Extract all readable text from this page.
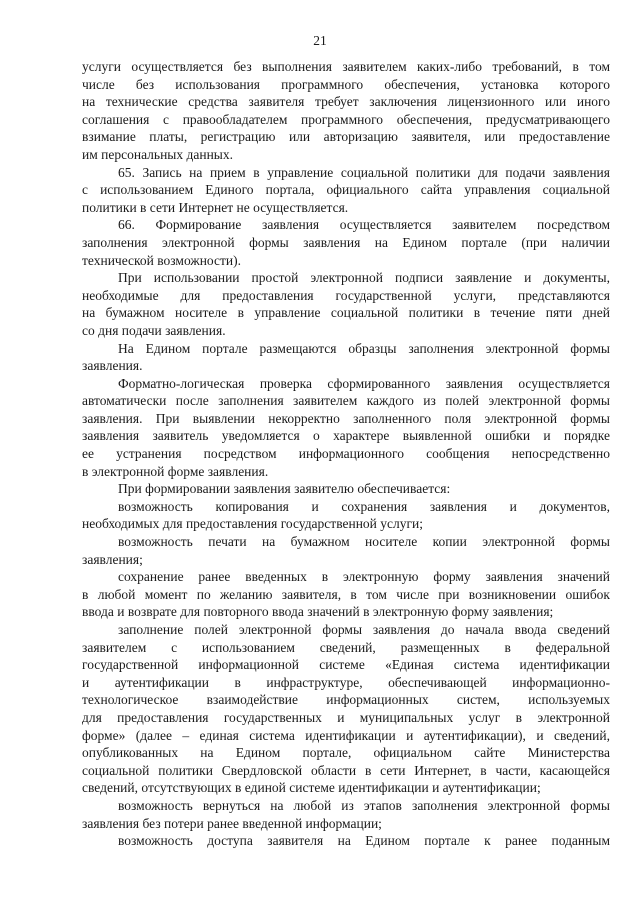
21
услуги осуществляется без выполнения заявителем каких-либо требований, в том
числе без использования программного обеспечения, установка которого
на технические средства заявителя требует заключения лицензионного или иного
соглашения с правообладателем программного обеспечения, предусматривающего
взимание платы, регистрацию или авторизацию заявителя, или предоставление
им персональных данных.
65. Запись на прием в управление социальной политики для подачи заявления
с использованием Единого портала, официального сайта управления социальной
политики в сети Интернет не осуществляется.
66. Формирование заявления осуществляется заявителем посредством
заполнения электронной формы заявления на Едином портале (при наличии
технической возможности).
При использовании простой электронной подписи заявление и документы,
необходимые для предоставления государственной услуги, представляются
на бумажном носителе в управление социальной политики в течение пяти дней
со дня подачи заявления.
На Едином портале размещаются образцы заполнения электронной формы
заявления.
Форматно-логическая проверка сформированного заявления осуществляется
автоматически после заполнения заявителем каждого из полей электронной формы
заявления. При выявлении некорректно заполненного поля электронной формы
заявления заявитель уведомляется о характере выявленной ошибки и порядке
ее устранения посредством информационного сообщения непосредственно
в электронной форме заявления.
При формировании заявления заявителю обеспечивается:
возможность копирования и сохранения заявления и документов,
необходимых для предоставления государственной услуги;
возможность печати на бумажном носителе копии электронной формы
заявления;
сохранение ранее введенных в электронную форму заявления значений
в любой момент по желанию заявителя, в том числе при возникновении ошибок
ввода и возврате для повторного ввода значений в электронную форму заявления;
заполнение полей электронной формы заявления до начала ввода сведений
заявителем с использованием сведений, размещенных в федеральной
государственной информационной системе «Единая система идентификации
и аутентификации в инфраструктуре, обеспечивающей информационно-
технологическое взаимодействие информационных систем, используемых
для предоставления государственных и муниципальных услуг в электронной
форме» (далее – единая система идентификации и аутентификации), и сведений,
опубликованных на Едином портале, официальном сайте Министерства
социальной политики Свердловской области в сети Интернет, в части, касающейся
сведений, отсутствующих в единой системе идентификации и аутентификации;
возможность вернуться на любой из этапов заполнения электронной формы
заявления без потери ранее введенной информации;
возможность доступа заявителя на Едином портале к ранее поданным
